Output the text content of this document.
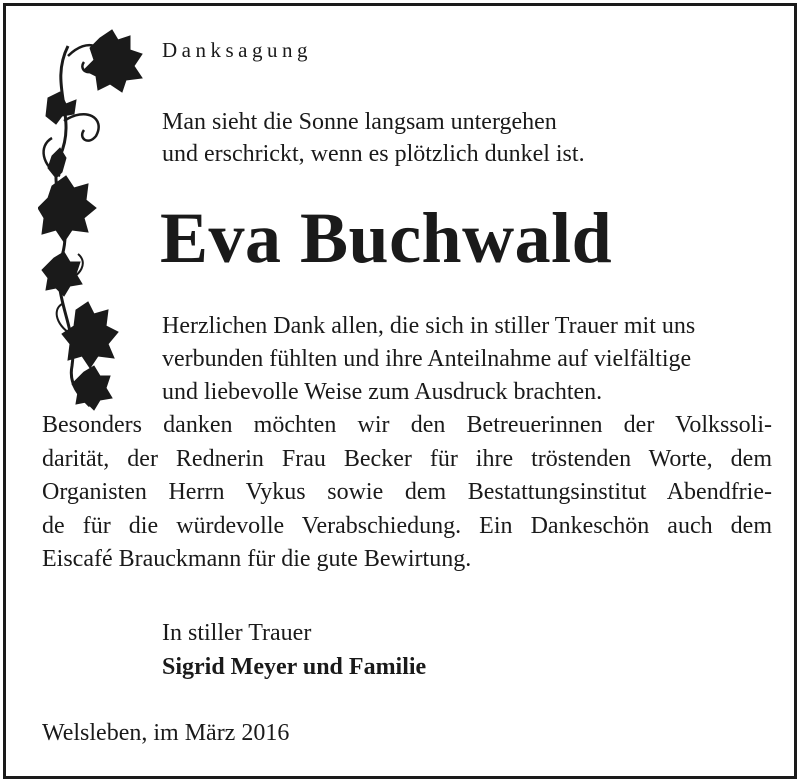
Danksagung
Man sieht die Sonne langsam untergehen
und erschrickt, wenn es plötzlich dunkel ist.
Eva Buchwald
Herzlichen Dank allen, die sich in stiller Trauer mit uns
verbunden fühlten und ihre Anteilnahme auf vielfältige
und liebevolle Weise zum Ausdruck brachten.
Besonders danken möchten wir den Betreuerinnen der Volkssoli-
darität, der Rednerin Frau Becker für ihre tröstenden Worte, dem
Organisten Herrn Vykus sowie dem Bestattungsinstitut Abendfrie-
de für die würdevolle Verabschiedung. Ein Dankeschön auch dem
Eiscafé Brauckmann für die gute Bewirtung.
In stiller Trauer
Sigrid Meyer und Familie
Welsleben, im März 2016
